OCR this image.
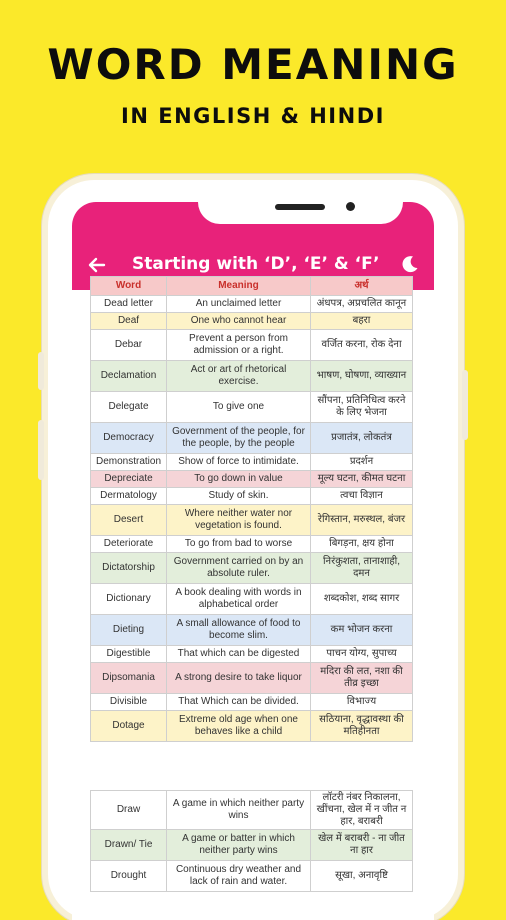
WORD MEANING
IN ENGLISH & HINDI
Starting with ‘D’, ‘E’ & ‘F’
Word	Meaning	अर्थ
Dead letter	An unclaimed letter	अंधपत्र, अप्रचलित कानून
Deaf	One who cannot hear	बहरा
Debar	Prevent a person from admission or a right.	वर्जित करना, रोक देना
Declamation	Act or art of rhetorical exercise.	भाषण, घोषणा, व्याख्यान
Delegate	To give one	सौंपना, प्रतिनिधित्व करने के लिए भेजना
Democracy	Government of the people, for the people, by the people	प्रजातंत्र, लोकतंत्र
Demonstration	Show of force to intimidate.	प्रदर्शन
Depreciate	To go down in value	मूल्य घटना, कीमत घटना
Dermatology	Study of skin.	त्वचा विज्ञान
Desert	Where neither water nor vegetation is found.	रेगिस्तान, मरुस्थल, बंजर
Deteriorate	To go from bad to worse	बिगड़ना, क्षय होना
Dictatorship	Government carried on by an absolute ruler.	निरंकुशता, तानाशाही, दमन
Dictionary	A book dealing with words in alphabetical order	शब्दकोश, शब्द सागर
Dieting	A small allowance of food to become slim.	कम भोजन करना
Digestible	That which can be digested	पाचन योग्य, सुपाच्य
Dipsomania	A strong desire to take liquor	मदिरा की लत, नशा की तीव्र इच्छा
Divisible	That Which can be divided.	विभाज्य
Dotage	Extreme old age when one behaves like a child	सठियाना, वृद्धावस्था की मतिहीनता
Draw	A game in which neither party wins	लॉटरी नंबर निकालना, खींचना, खेल में न जीत न हार, बराबरी
Drawn/ Tie	A game or batter in which neither party wins	खेल में बराबरी - ना जीत ना हार
Drought	Continuous dry weather and lack of rain and water.	सूखा, अनावृष्टि
